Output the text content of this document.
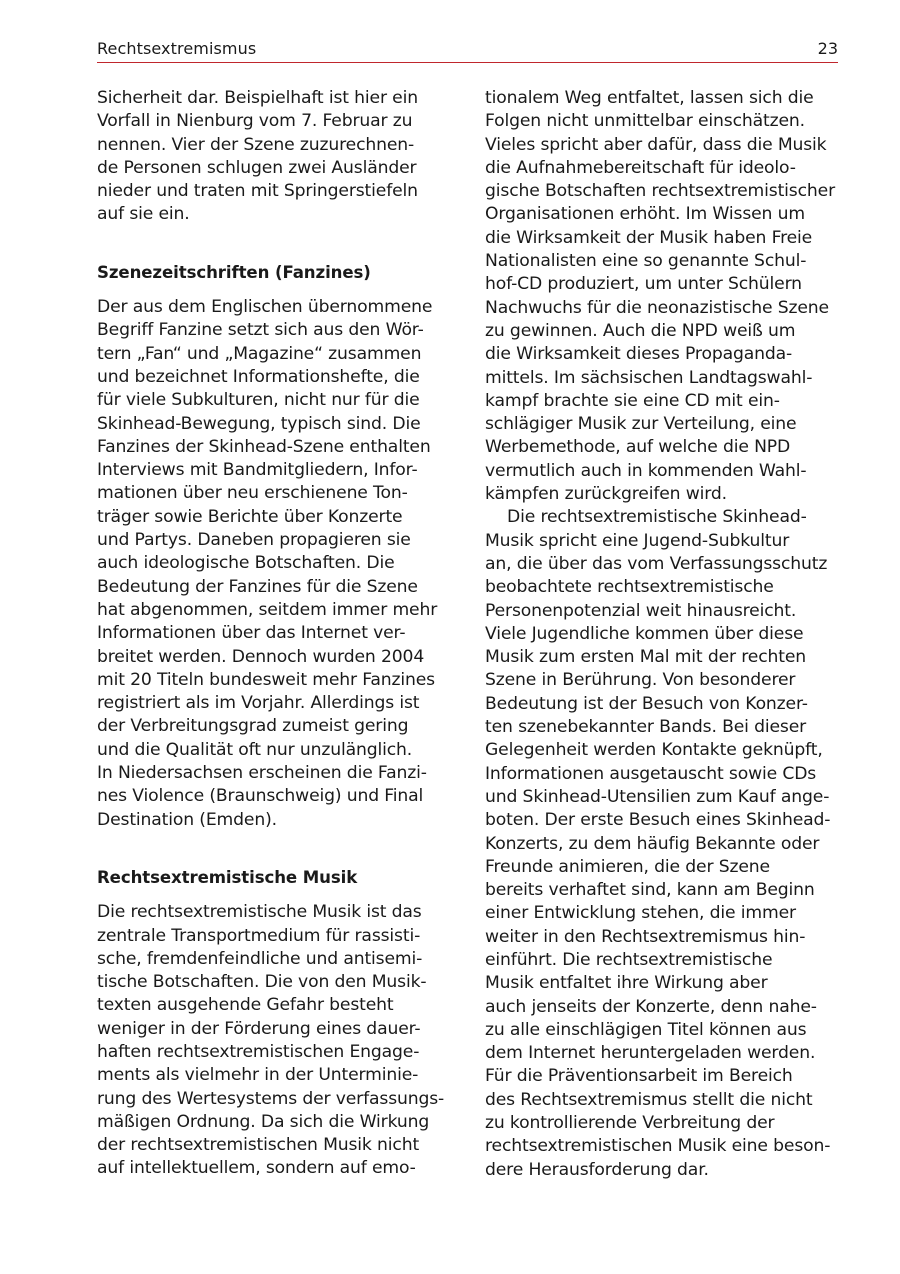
Rechtsextremismus	23
Sicherheit dar. Beispielhaft ist hier ein
Vorfall in Nienburg vom 7. Februar zu
nennen. Vier der Szene zuzurechnen-
de Personen schlugen zwei Ausländer
nieder und traten mit Springerstiefeln
auf sie ein.
Szenezeitschriften (Fanzines)
Der aus dem Englischen übernommene
Begriff Fanzine setzt sich aus den Wör-
tern „Fan“ und „Magazine“ zusammen
und bezeichnet Informationshefte, die
für viele Subkulturen, nicht nur für die
Skinhead-Bewegung, typisch sind. Die
Fanzines der Skinhead-Szene enthalten
Interviews mit Bandmitgliedern, Infor-
mationen über neu erschienene Ton-
träger sowie Berichte über Konzerte
und Partys. Daneben propagieren sie
auch ideologische Botschaften. Die
Bedeutung der Fanzines für die Szene
hat abgenommen, seitdem immer mehr
Informationen über das Internet ver-
breitet werden. Dennoch wurden 2004
mit 20 Titeln bundesweit mehr Fanzines
registriert als im Vorjahr. Allerdings ist
der Verbreitungsgrad zumeist gering
und die Qualität oft nur unzulänglich.
In Niedersachsen erscheinen die Fanzi-
nes Violence (Braunschweig) und Final
Destination (Emden).
Rechtsextremistische Musik
Die rechtsextremistische Musik ist das
zentrale Transportmedium für rassisti-
sche, fremdenfeindliche und antisemi-
tische Botschaften. Die von den Musik-
texten ausgehende Gefahr besteht
weniger in der Förderung eines dauer-
haften rechtsextremistischen Engage-
ments als vielmehr in der Unterminie-
rung des Wertesystems der verfassungs-
mäßigen Ordnung. Da sich die Wirkung
der rechtsextremistischen Musik nicht
auf intellektuellem, sondern auf emo-
tionalem Weg entfaltet, lassen sich die
Folgen nicht unmittelbar einschätzen.
Vieles spricht aber dafür, dass die Musik
die Aufnahmebereitschaft für ideolo-
gische Botschaften rechtsextremistischer
Organisationen erhöht. Im Wissen um
die Wirksamkeit der Musik haben Freie
Nationalisten eine so genannte Schul-
hof-CD produziert, um unter Schülern
Nachwuchs für die neonazistische Szene
zu gewinnen. Auch die NPD weiß um
die Wirksamkeit dieses Propaganda-
mittels. Im sächsischen Landtagswahl-
kampf brachte sie eine CD mit ein-
schlägiger Musik zur Verteilung, eine
Werbemethode, auf welche die NPD
vermutlich auch in kommenden Wahl-
kämpfen zurückgreifen wird.
Die rechtsextremistische Skinhead-
Musik spricht eine Jugend-Subkultur
an, die über das vom Verfassungsschutz
beobachtete rechtsextremistische
Personenpotenzial weit hinausreicht.
Viele Jugendliche kommen über diese
Musik zum ersten Mal mit der rechten
Szene in Berührung. Von besonderer
Bedeutung ist der Besuch von Konzer-
ten szenebekannter Bands. Bei dieser
Gelegenheit werden Kontakte geknüpft,
Informationen ausgetauscht sowie CDs
und Skinhead-Utensilien zum Kauf ange-
boten. Der erste Besuch eines Skinhead-
Konzerts, zu dem häufig Bekannte oder
Freunde animieren, die der Szene
bereits verhaftet sind, kann am Beginn
einer Entwicklung stehen, die immer
weiter in den Rechtsextremismus hin-
einführt. Die rechtsextremistische
Musik entfaltet ihre Wirkung aber
auch jenseits der Konzerte, denn nahe-
zu alle einschlägigen Titel können aus
dem Internet heruntergeladen werden.
Für die Präventionsarbeit im Bereich
des Rechtsextremismus stellt die nicht
zu kontrollierende Verbreitung der
rechtsextremistischen Musik eine beson-
dere Herausforderung dar.
